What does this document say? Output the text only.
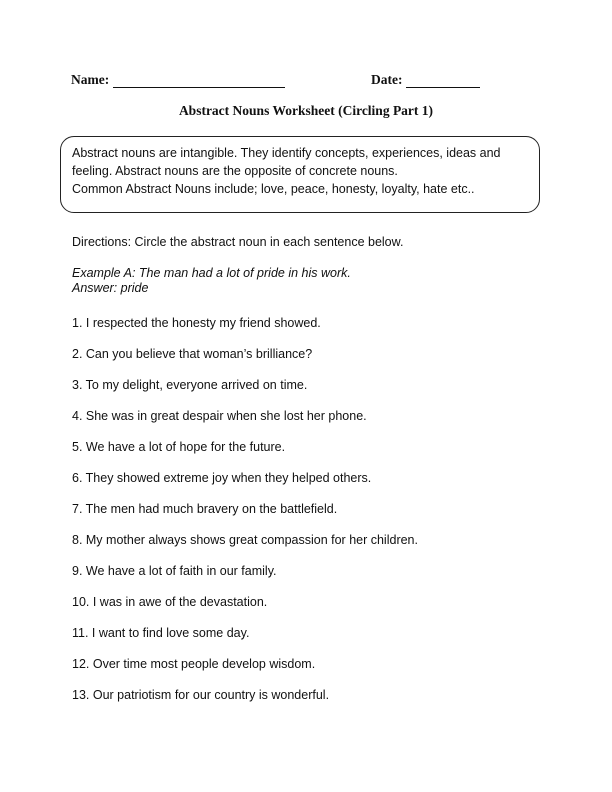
Name:	Date:
Abstract Nouns Worksheet (Circling Part 1)
Abstract nouns are intangible. They identify concepts, experiences, ideas and
feeling. Abstract nouns are the opposite of concrete nouns.
Common Abstract Nouns include; love, peace, honesty, loyalty, hate etc..
Directions: Circle the abstract noun in each sentence below.
Example A: The man had a lot of pride in his work.
Answer: pride
1. I respected the honesty my friend showed.
2. Can you believe that woman’s brilliance?
3. To my delight, everyone arrived on time.
4. She was in great despair when she lost her phone.
5. We have a lot of hope for the future.
6. They showed extreme joy when they helped others.
7. The men had much bravery on the battlefield.
8. My mother always shows great compassion for her children.
9. We have a lot of faith in our family.
10. I was in awe of the devastation.
11. I want to find love some day.
12. Over time most people develop wisdom.
13. Our patriotism for our country is wonderful.
